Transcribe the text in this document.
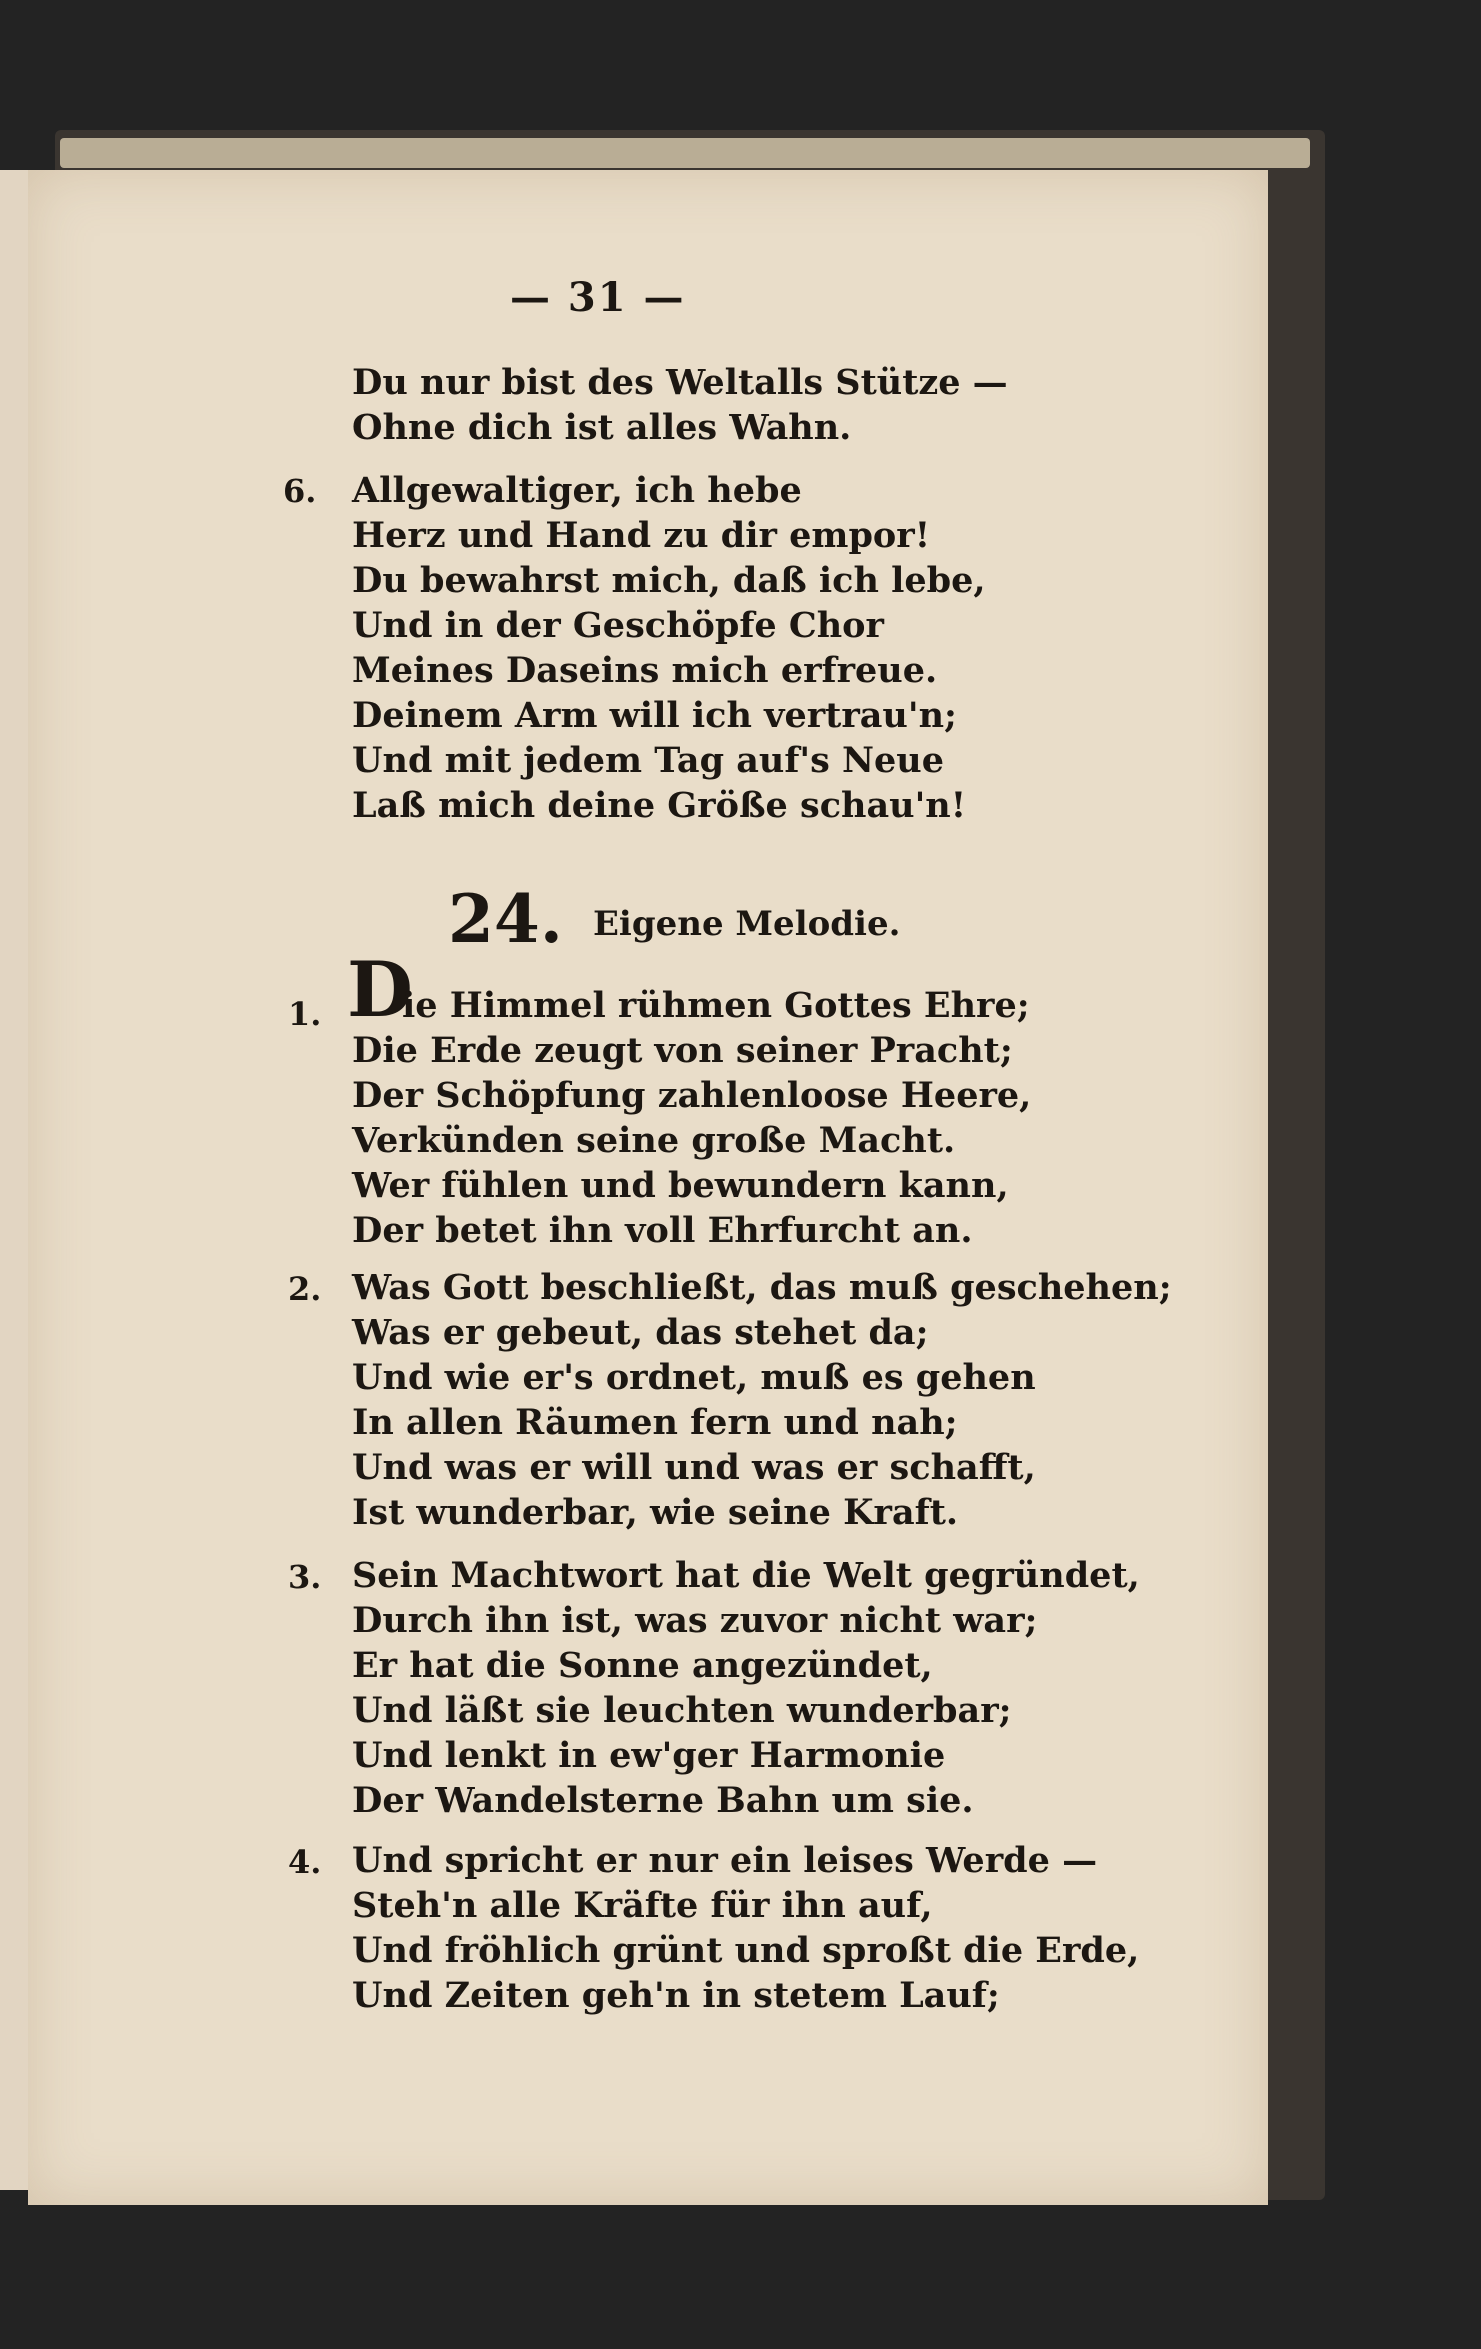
— 31 —
Du nur bist des Weltalls Stütze —
Ohne dich ist alles Wahn.
6. Allgewaltiger, ich hebe
Herz und Hand zu dir empor!
Du bewahrst mich, daß ich lebe,
Und in der Geschöpfe Chor
Meines Daseins mich erfreue.
Deinem Arm will ich vertrau'n;
Und mit jedem Tag auf's Neue
Laß mich deine Größe schau'n!
24. Eigene Melodie.
1. D
ie Himmel rühmen Gottes Ehre;
Die Erde zeugt von seiner Pracht;
Der Schöpfung zahlenloose Heere,
Verkünden seine große Macht.
Wer fühlen und bewundern kann,
Der betet ihn voll Ehrfurcht an.
2. Was Gott beschließt, das muß geschehen;
Was er gebeut, das stehet da;
Und wie er's ordnet, muß es gehen
In allen Räumen fern und nah;
Und was er will und was er schafft,
Ist wunderbar, wie seine Kraft.
3. Sein Machtwort hat die Welt gegründet,
Durch ihn ist, was zuvor nicht war;
Er hat die Sonne angezündet,
Und läßt sie leuchten wunderbar;
Und lenkt in ew'ger Harmonie
Der Wandelsterne Bahn um sie.
4. Und spricht er nur ein leises Werde —
Steh'n alle Kräfte für ihn auf,
Und fröhlich grünt und sproßt die Erde,
Und Zeiten geh'n in stetem Lauf;
